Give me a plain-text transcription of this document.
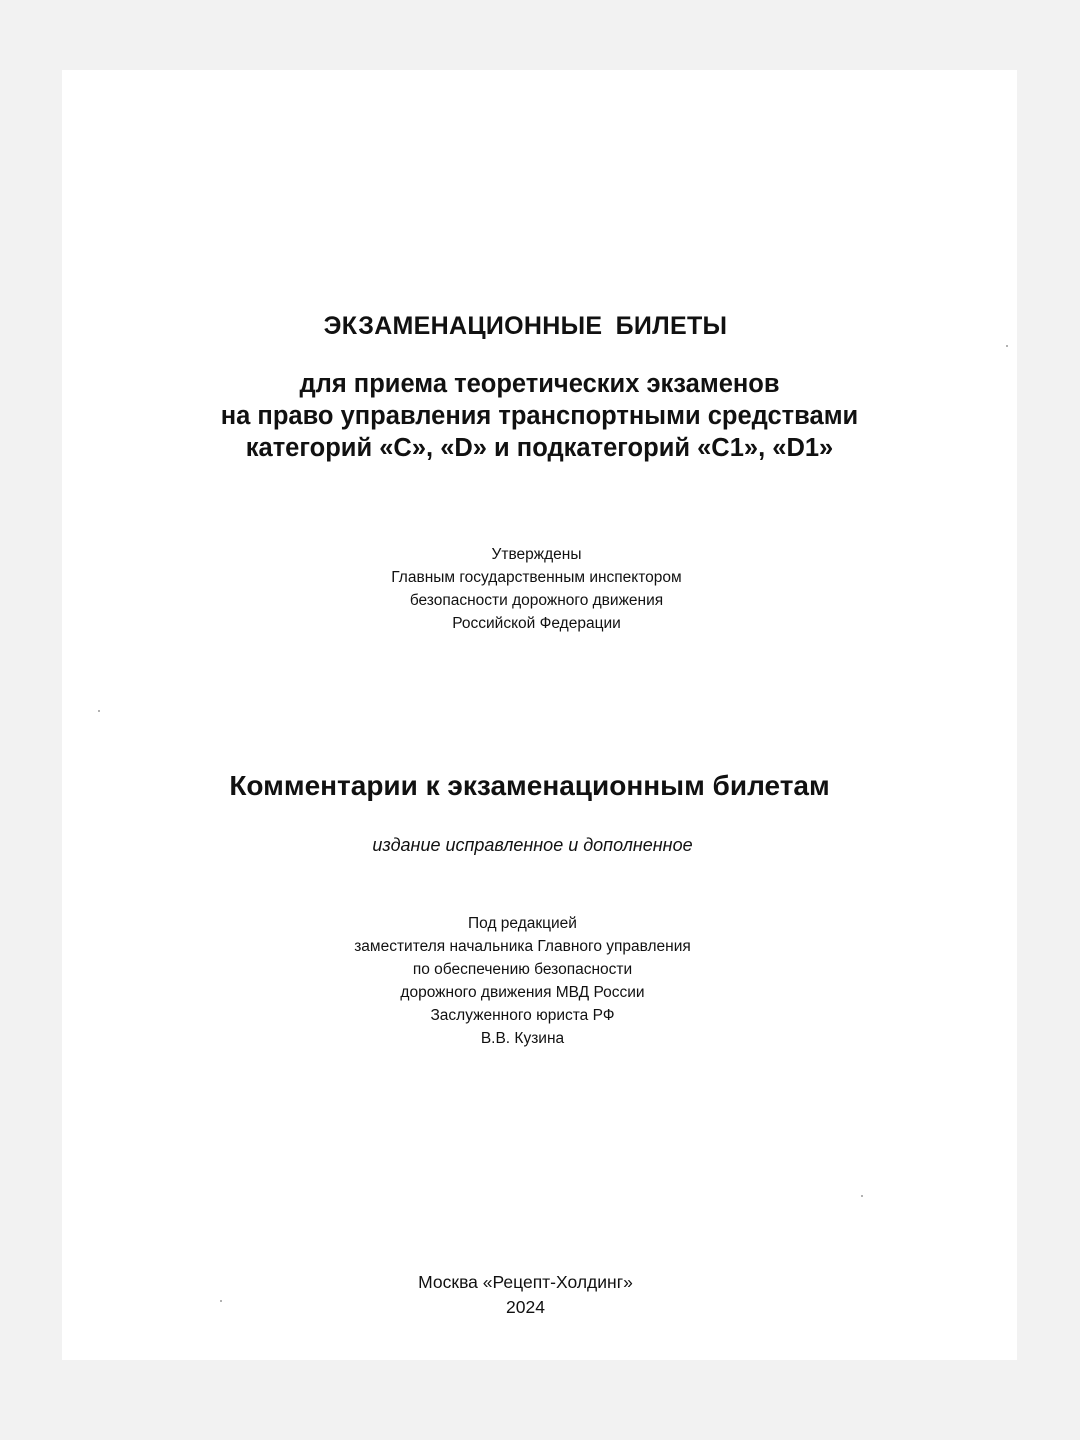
ЭКЗАМЕНАЦИОННЫЕ БИЛЕТЫ
для приема теоретических экзаменов
на право управления транспортными средствами
категорий «С», «D» и подкатегорий «С1», «D1»
Утверждены
Главным государственным инспектором
безопасности дорожного движения
Российской Федерации
Комментарии к экзаменационным билетам
издание исправленное и дополненное
Под редакцией
заместителя начальника Главного управления
по обеспечению безопасности
дорожного движения МВД России
Заслуженного юриста РФ
В.В. Кузина
Москва «Рецепт-Холдинг»
2024
